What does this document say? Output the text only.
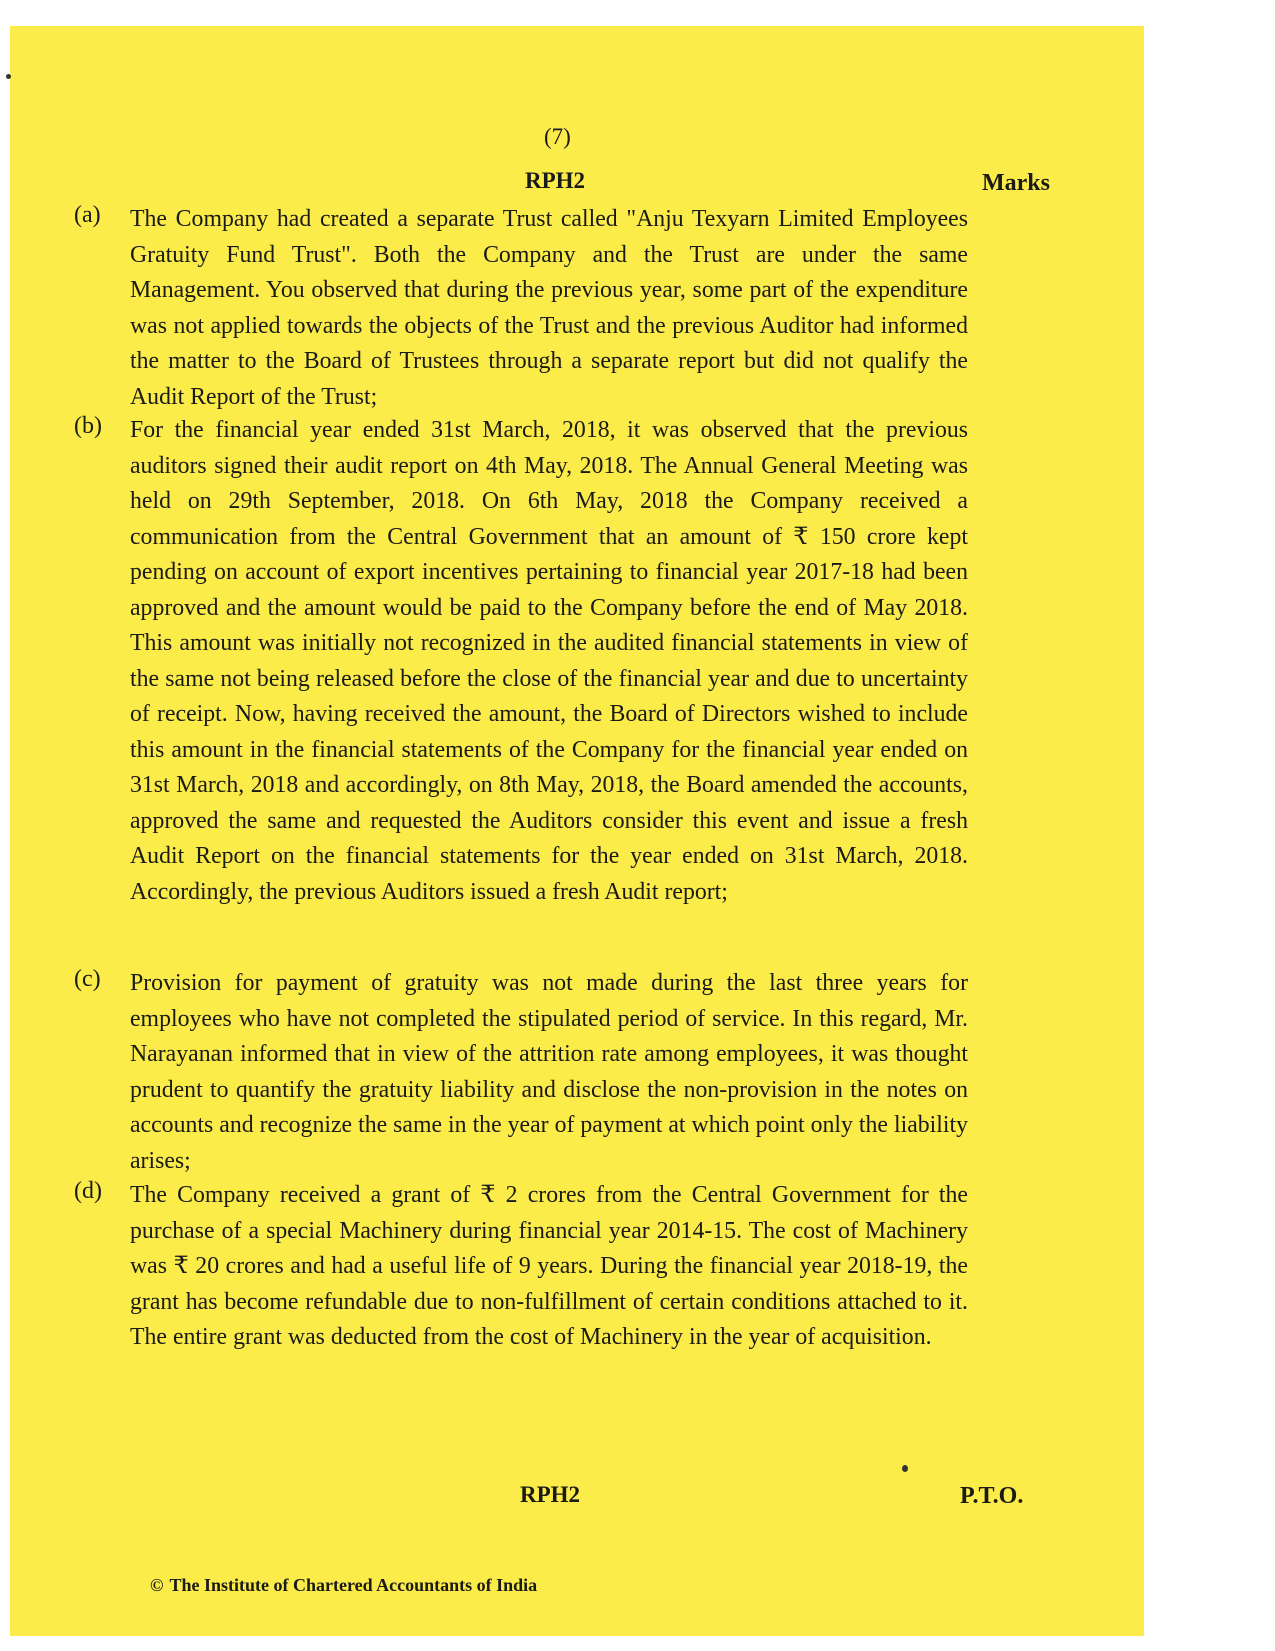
(7)
RPH2	Marks
(a) The Company had created a separate Trust called "Anju Texyarn Limited Employees Gratuity Fund Trust". Both the Company and the Trust are under the same Management. You observed that during the previous year, some part of the expenditure was not applied towards the objects of the Trust and the previous Auditor had informed the matter to the Board of Trustees through a separate report but did not qualify the Audit Report of the Trust;
(b) For the financial year ended 31st March, 2018, it was observed that the previous auditors signed their audit report on 4th May, 2018. The Annual General Meeting was held on 29th September, 2018. On 6th May, 2018 the Company received a communication from the Central Government that an amount of ₹ 150 crore kept pending on account of export incentives pertaining to financial year 2017-18 had been approved and the amount would be paid to the Company before the end of May 2018. This amount was initially not recognized in the audited financial statements in view of the same not being released before the close of the financial year and due to uncertainty of receipt. Now, having received the amount, the Board of Directors wished to include this amount in the financial statements of the Company for the financial year ended on 31st March, 2018 and accordingly, on 8th May, 2018, the Board amended the accounts, approved the same and requested the Auditors consider this event and issue a fresh Audit Report on the financial statements for the year ended on 31st March, 2018. Accordingly, the previous Auditors issued a fresh Audit report;
(c) Provision for payment of gratuity was not made during the last three years for employees who have not completed the stipulated period of service. In this regard, Mr. Narayanan informed that in view of the attrition rate among employees, it was thought prudent to quantify the gratuity liability and disclose the non-provision in the notes on accounts and recognize the same in the year of payment at which point only the liability arises;
(d) The Company received a grant of ₹ 2 crores from the Central Government for the purchase of a special Machinery during financial year 2014-15. The cost of Machinery was ₹ 20 crores and had a useful life of 9 years. During the financial year 2018-19, the grant has become refundable due to non-fulfillment of certain conditions attached to it. The entire grant was deducted from the cost of Machinery in the year of acquisition.
RPH2	P.T.O.
© The Institute of Chartered Accountants of India
